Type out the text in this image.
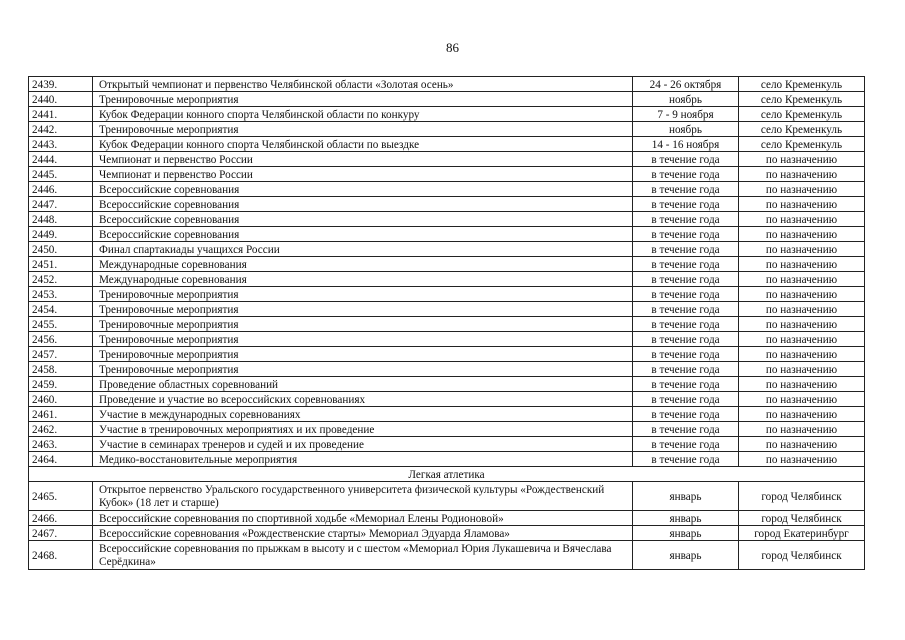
86
2439.	Открытый чемпионат и первенство Челябинской области «Золотая осень»	24 - 26 октября	село Кременкуль
2440.	Тренировочные мероприятия	ноябрь	село Кременкуль
2441.	Кубок Федерации конного спорта Челябинской области по конкуру	7 - 9 ноября	село Кременкуль
2442.	Тренировочные мероприятия	ноябрь	село Кременкуль
2443.	Кубок Федерации конного спорта Челябинской области по выездке	14 - 16 ноября	село Кременкуль
2444.	Чемпионат и первенство России	в течение года	по назначению
2445.	Чемпионат и первенство России	в течение года	по назначению
2446.	Всероссийские соревнования	в течение года	по назначению
2447.	Всероссийские соревнования	в течение года	по назначению
2448.	Всероссийские соревнования	в течение года	по назначению
2449.	Всероссийские соревнования	в течение года	по назначению
2450.	Финал спартакиады учащихся России	в течение года	по назначению
2451.	Международные соревнования	в течение года	по назначению
2452.	Международные соревнования	в течение года	по назначению
2453.	Тренировочные мероприятия	в течение года	по назначению
2454.	Тренировочные мероприятия	в течение года	по назначению
2455.	Тренировочные мероприятия	в течение года	по назначению
2456.	Тренировочные мероприятия	в течение года	по назначению
2457.	Тренировочные мероприятия	в течение года	по назначению
2458.	Тренировочные мероприятия	в течение года	по назначению
2459.	Проведение областных соревнований	в течение года	по назначению
2460.	Проведение и участие во всероссийских соревнованиях	в течение года	по назначению
2461.	Участие в международных соревнованиях	в течение года	по назначению
2462.	Участие в тренировочных мероприятиях и их проведение	в течение года	по назначению
2463.	Участие в семинарах тренеров и судей и их проведение	в течение года	по назначению
2464.	Медико-восстановительные мероприятия	в течение года	по назначению
Легкая атлетика			
2465.	Открытое первенство Уральского государственного университета физической культуры «Рождественский Кубок» (18 лет и старше)	январь	город Челябинск
2466.	Всероссийские соревнования по спортивной ходьбе «Мемориал Елены Родионовой»	январь	город Челябинск
2467.	Всероссийские соревнования «Рождественские старты» Мемориал Эдуарда Яламова»	январь	город Екатеринбург
2468.	Всероссийские соревнования по прыжкам в высоту и с шестом «Мемориал Юрия Лукашевича и Вячеслава Серёдкина»	январь	город Челябинск
